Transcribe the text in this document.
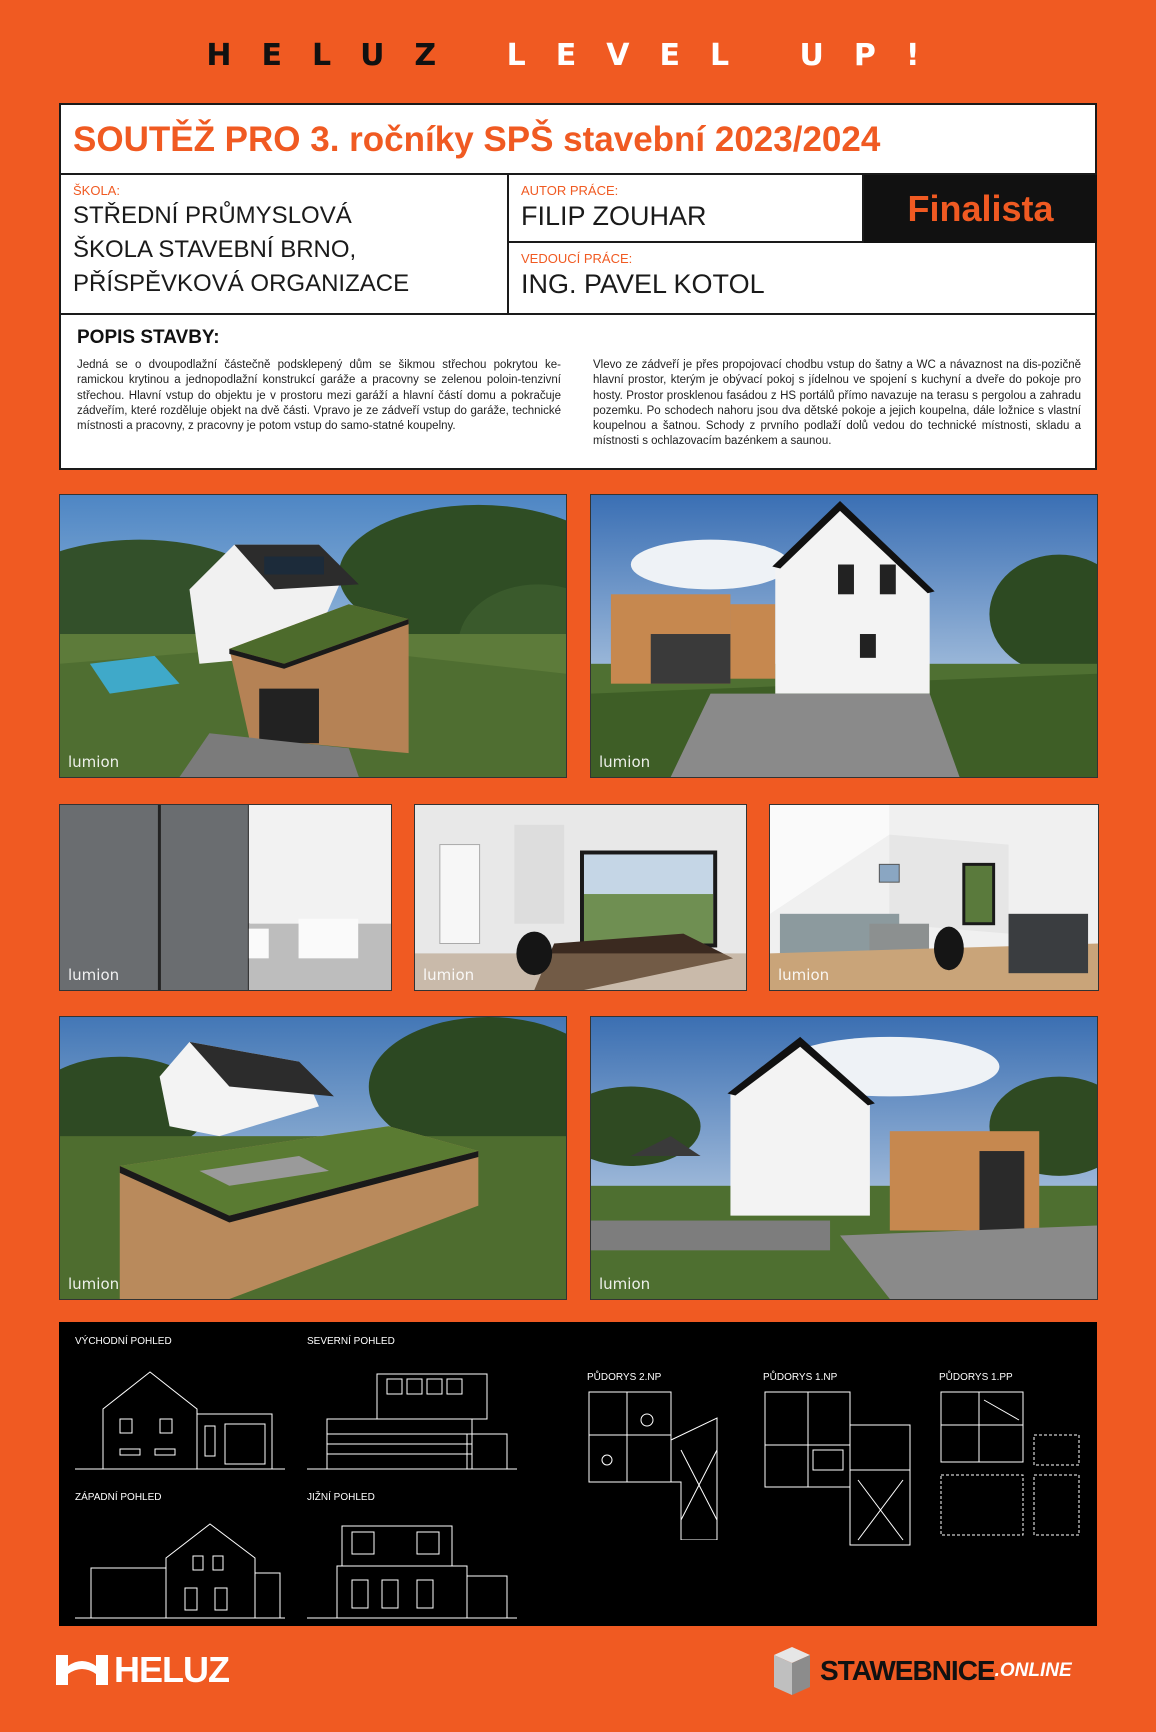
HELUZ LEVEL UP!
SOUTĚŽ PRO 3. ročníky SPŠ stavební 2023/2024
ŠKOLA:
STŘEDNÍ PRŮMYSLOVÁ
ŠKOLA STAVEBNÍ BRNO,
PŘÍSPĚVKOVÁ ORGANIZACE
AUTOR PRÁCE:
FILIP ZOUHAR	Finalista
VEDOUCÍ PRÁCE:
ING. PAVEL KOTOL
POPIS STAVBY:
Jedná se o dvoupodlažní částečně podsklepený dům se šikmou střechou pokrytou ke-ramickou krytinou a jednopodlažní konstrukcí garáže a pracovny se zelenou poloin-tenzivní střechou. Hlavní vstup do objektu je v prostoru mezi garáží a hlavní částí domu a pokračuje zádveřím, které rozděluje objekt na dvě části. Vpravo je ze zádveří vstup do garáže, technické místnosti a pracovny, z pracovny je potom vstup do samo-statné koupelny.
Vlevo ze zádveří je přes propojovací chodbu vstup do šatny a WC a návaznost na dis-pozičně hlavní prostor, kterým je obývací pokoj s jídelnou ve spojení s kuchyní a dveře do pokoje pro hosty. Prostor prosklenou fasádou z HS portálů přímo navazuje na terasu s pergolou a zahradu pozemku. Po schodech nahoru jsou dva dětské pokoje a jejich koupelna, dále ložnice s vlastní koupelnou a šatnou. Schody z prvního podlaží dolů vedou do technické místnosti, skladu a místnosti s ochlazovacím bazénkem a saunou.
lumion	lumion
lumion	lumion	lumion
lumion	lumion
VÝCHODNÍ POHLED	SEVERNÍ POHLED
ZÁPADNÍ POHLED	JIŽNÍ POHLED
PŮDORYS 2.NP	PŮDORYS 1.NP	PŮDORYS 1.PP
HELUZ	STAWEBNICE .ONLINE
